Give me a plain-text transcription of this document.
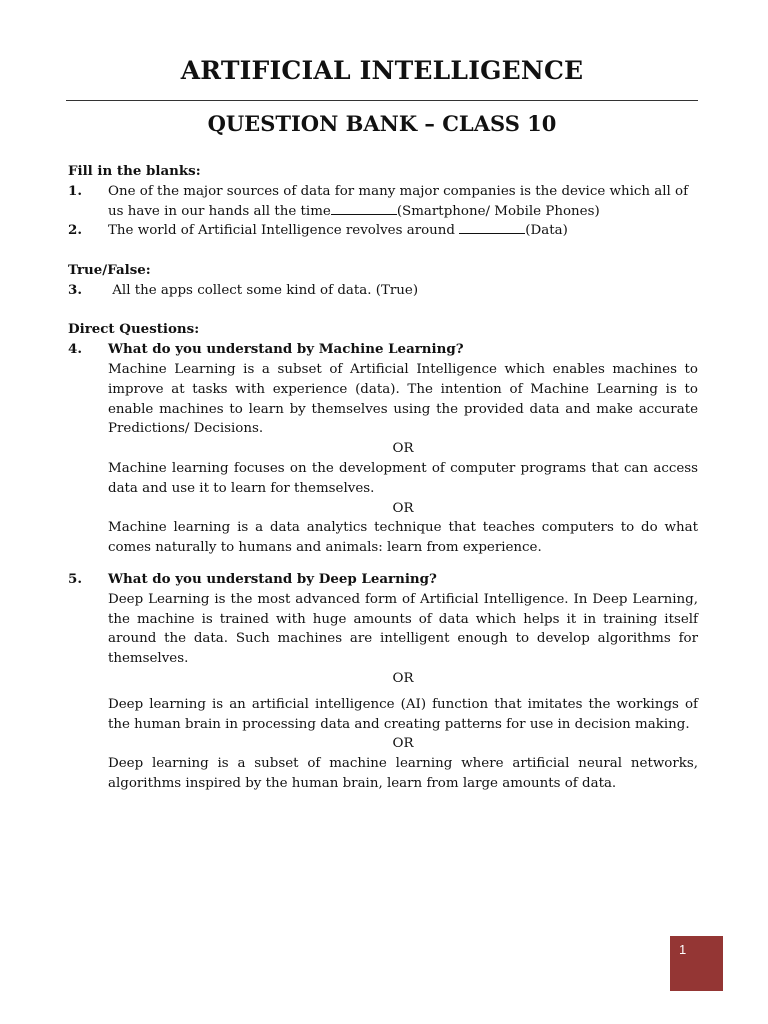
ARTIFICIAL INTELLIGENCE
QUESTION BANK – CLASS 10
Fill in the blanks:
1.	One of the major sources of data for many major companies is the device which all of
us have in our hands all the time	(Smartphone/ Mobile Phones)
2.	The world of Artificial Intelligence revolves around	(Data)
True/False:
3.	All the apps collect some kind of data. (True)
Direct Questions:
4.	What do you understand by Machine Learning?
Machine Learning is a subset of Artificial Intelligence which enables machines to improve at tasks with experience (data). The intention of Machine Learning is to enable machines to learn by themselves using the provided data and make accurate Predictions/ Decisions.
OR
Machine learning focuses on the development of computer programs that can access data and use it to learn for themselves.
OR
Machine learning is a data analytics technique that teaches computers to do what comes naturally to humans and animals: learn from experience.
5.	What do you understand by Deep Learning?
Deep Learning is the most advanced form of Artificial Intelligence. In Deep Learning, the machine is trained with huge amounts of data which helps it in training itself around the data. Such machines are intelligent enough to develop algorithms for themselves.
OR
Deep learning is an artificial intelligence (AI) function that imitates the workings of the human brain in processing data and creating patterns for use in decision making.
OR
Deep learning is a subset of machine learning where artificial neural networks, algorithms inspired by the human brain, learn from large amounts of data.
1
